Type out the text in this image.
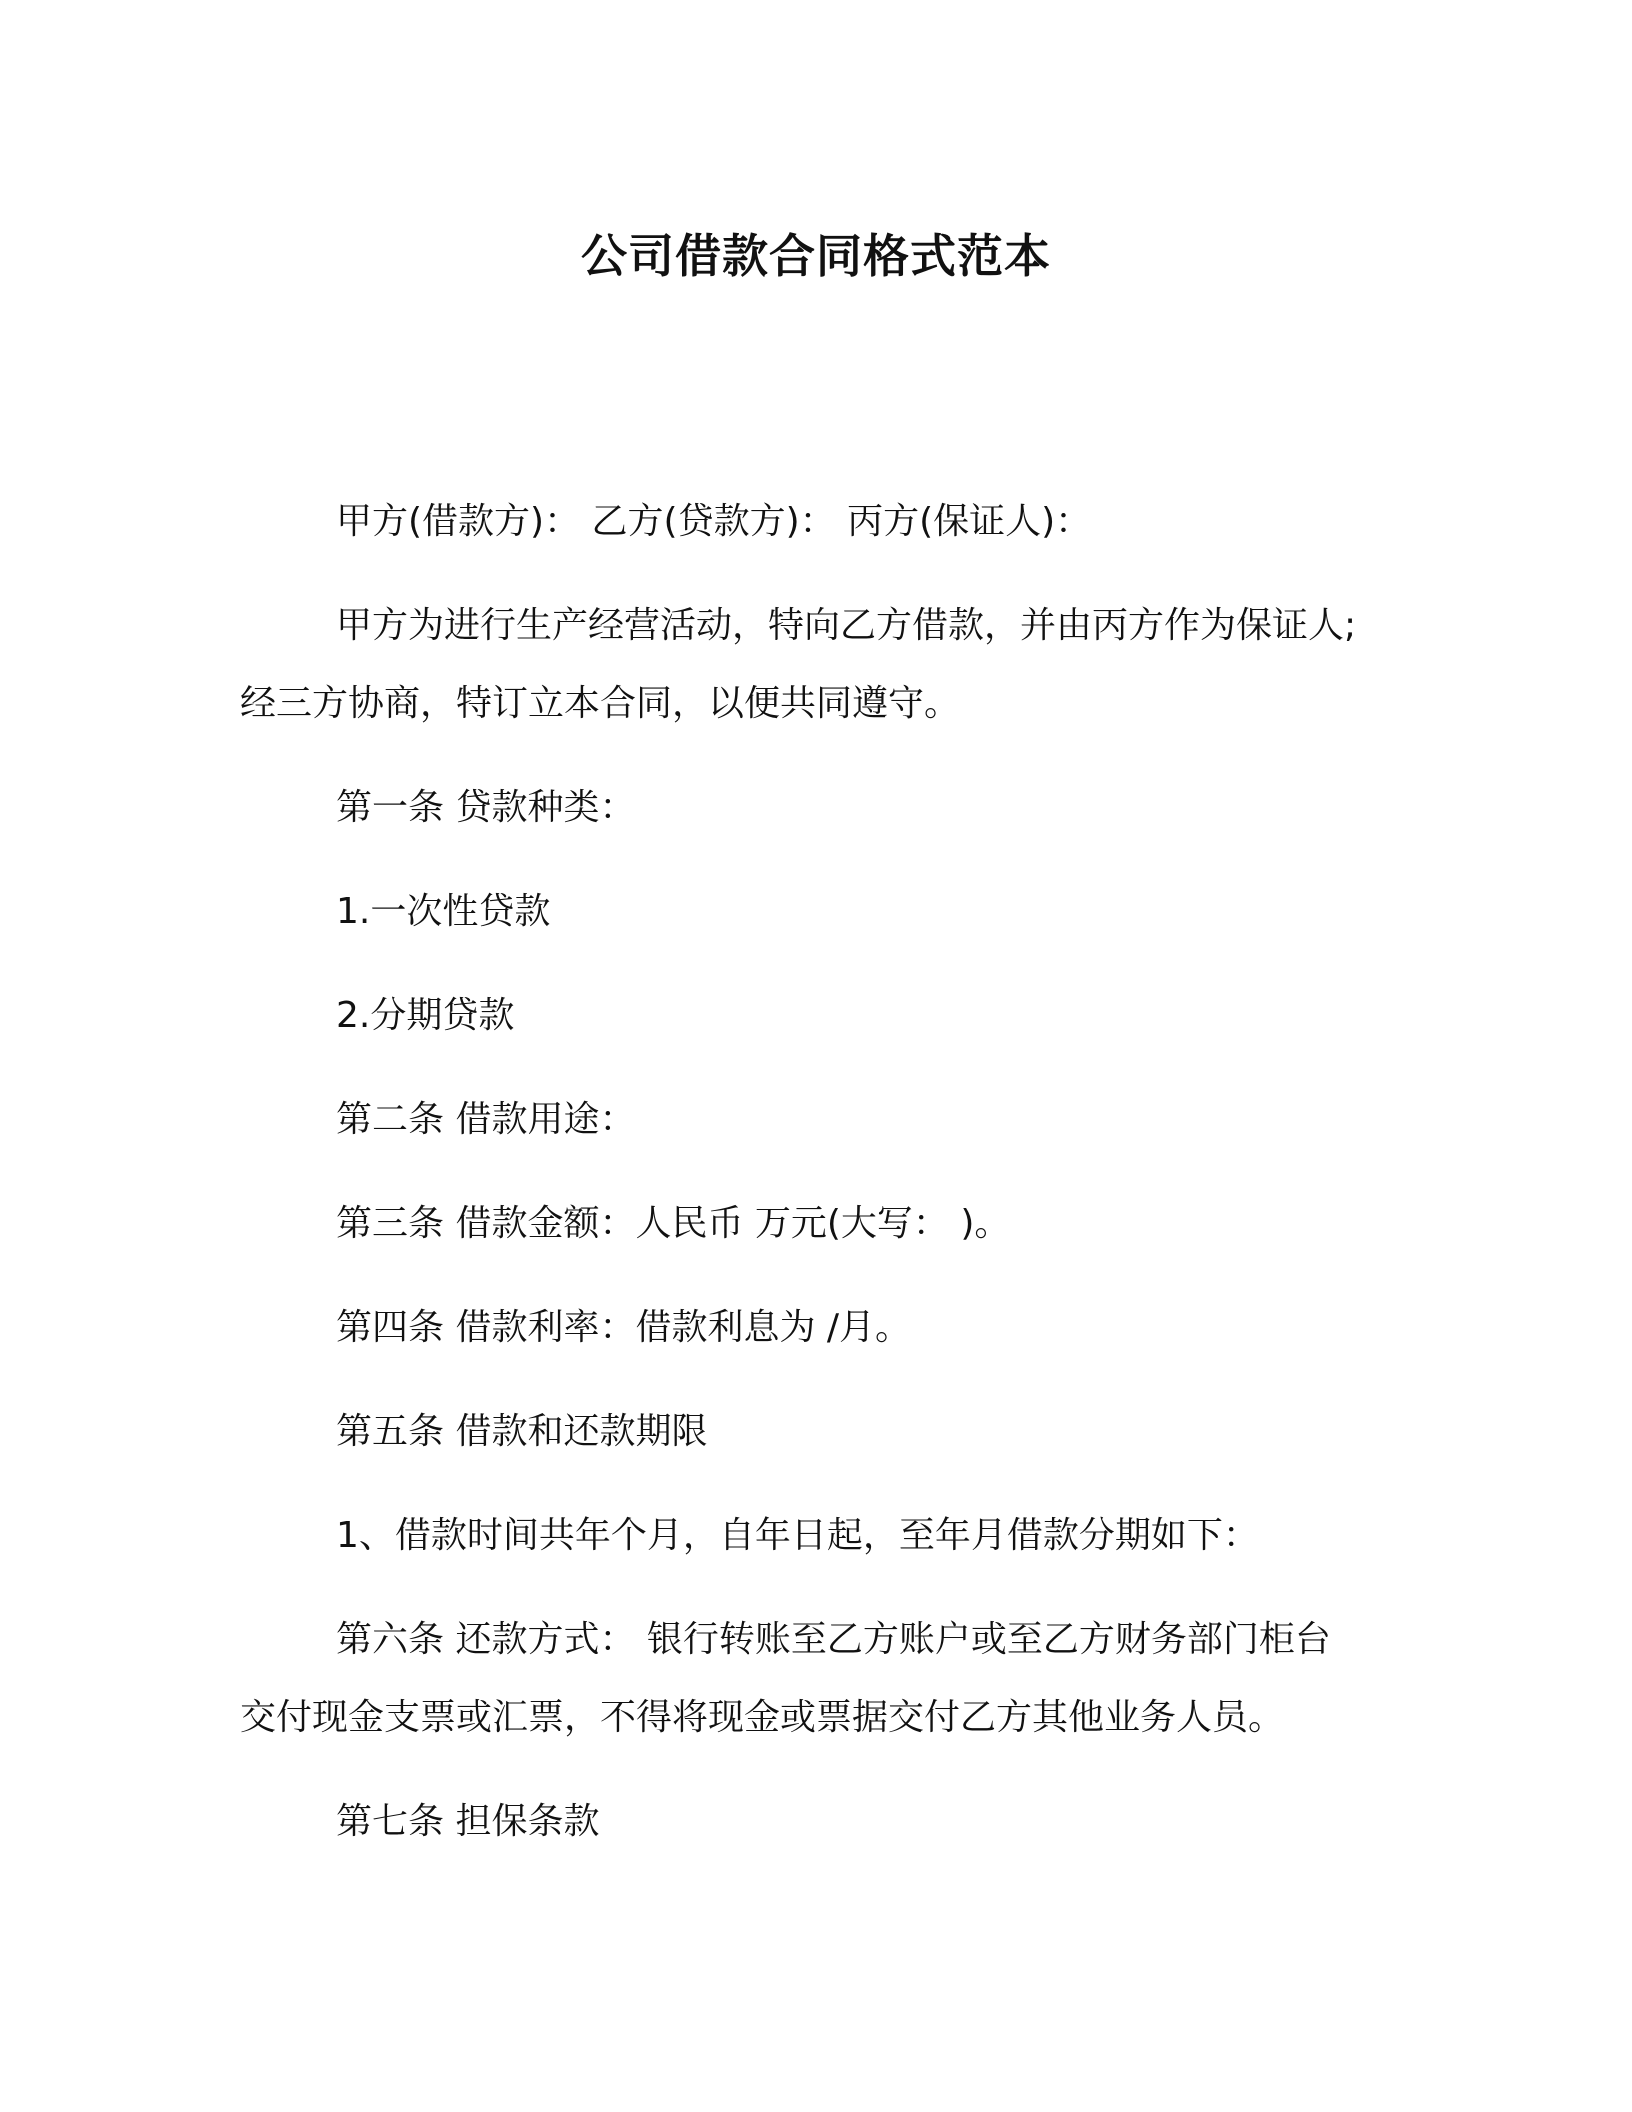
公司借款合同格式范本
甲方(借款方)： 乙方(贷款方)： 丙方(保证人)：
甲方为进行生产经营活动，特向乙方借款，并由丙方作为保证人;
经三方协商，特订立本合同，以便共同遵守。
第一条 贷款种类：
1.一次性贷款
2.分期贷款
第二条 借款用途：
第三条 借款金额：人民币 万元(大写： )。
第四条 借款利率：借款利息为 /月。
第五条 借款和还款期限
1、借款时间共年个月，自年日起，至年月借款分期如下：
第六条 还款方式： 银行转账至乙方账户或至乙方财务部门柜台
交付现金支票或汇票，不得将现金或票据交付乙方其他业务人员。
第七条 担保条款
